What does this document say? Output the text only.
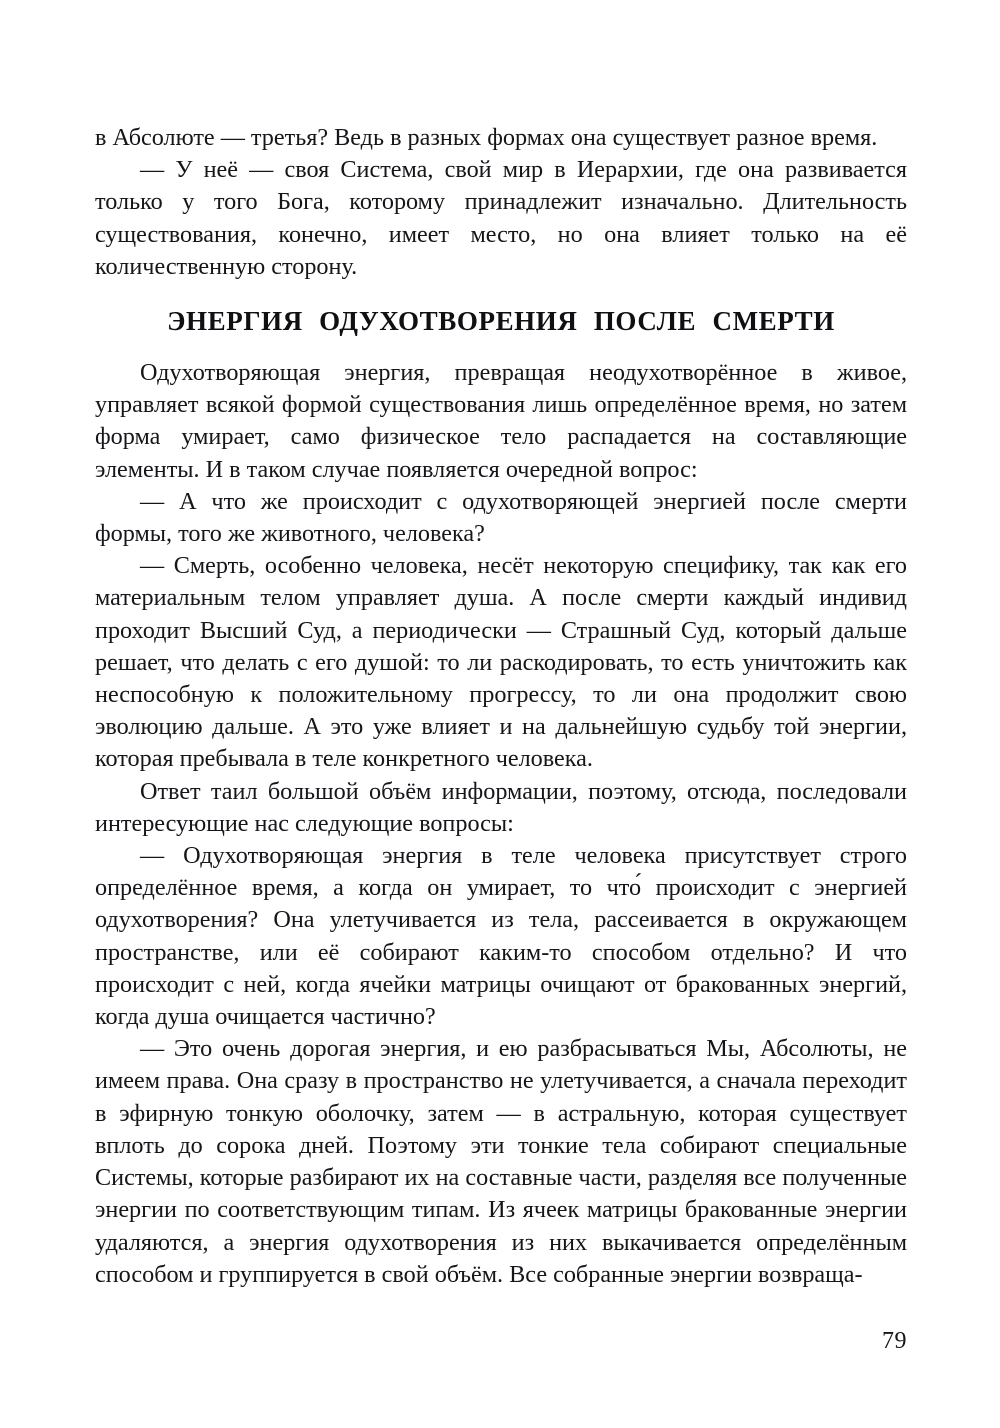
в Абсолюте — третья? Ведь в разных формах она существует разное время.

— У неё — своя Система, свой мир в Иерархии, где она развивается только у того Бога, которому принадлежит изначально. Длительность существования, конечно, имеет место, но она влияет только на её количественную сторону.

ЭНЕРГИЯ ОДУХОТВОРЕНИЯ ПОСЛЕ СМЕРТИ

Одухотворяющая энергия, превращая неодухотворённое в живое, управляет всякой формой существования лишь определённое время, но затем форма умирает, само физическое тело распадается на составляющие элементы. И в таком случае появляется очередной вопрос:

— А что же происходит с одухотворяющей энергией после смерти формы, того же животного, человека?

— Смерть, особенно человека, несёт некоторую специфику, так как его материальным телом управляет душа. А после смерти каждый индивид проходит Высший Суд, а периодически — Страшный Суд, который дальше решает, что делать с его душой: то ли раскодировать, то есть уничтожить как неспособную к положительному прогрессу, то ли она продолжит свою эволюцию дальше. А это уже влияет и на дальнейшую судьбу той энергии, которая пребывала в теле конкретного человека.

Ответ таил большой объём информации, поэтому, отсюда, последовали интересующие нас следующие вопросы:

— Одухотворяющая энергия в теле человека присутствует строго определённое время, а когда он умирает, то что́ происходит с энергией одухотворения? Она улетучивается из тела, рассеивается в окружающем пространстве, или её собирают каким-то способом отдельно? И что происходит с ней, когда ячейки матрицы очищают от бракованных энергий, когда душа очищается частично?

— Это очень дорогая энергия, и ею разбрасываться Мы, Абсолюты, не имеем права. Она сразу в пространство не улетучивается, а сначала переходит в эфирную тонкую оболочку, затем — в астральную, которая существует вплоть до сорока дней. Поэтому эти тонкие тела собирают специальные Системы, которые разбирают их на составные части, разделяя все полученные энергии по соответствующим типам. Из ячеек матрицы бракованные энергии удаляются, а энергия одухотворения из них выкачивается определённым способом и группируется в свой объём. Все собранные энергии возвраща-

79
